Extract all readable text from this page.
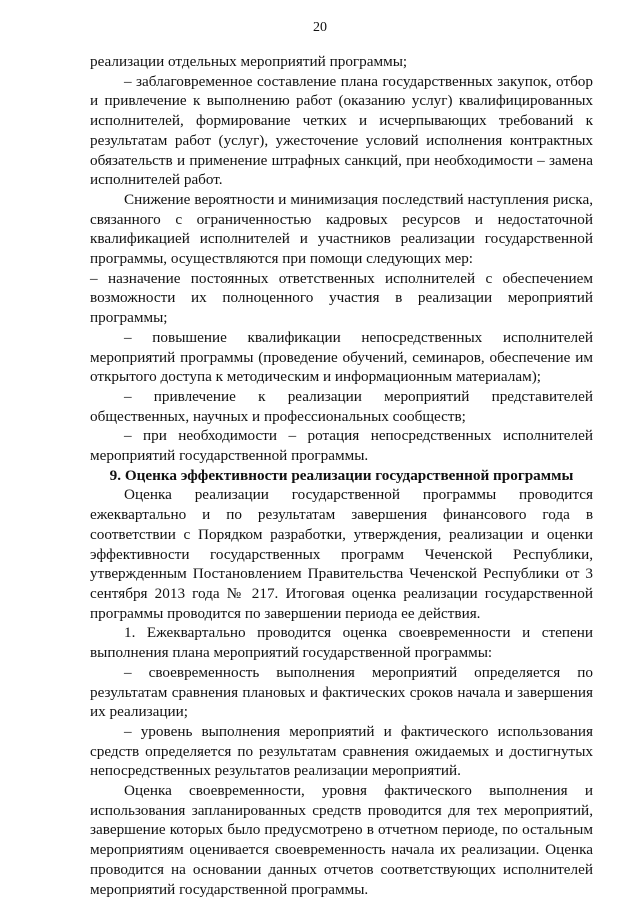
20

реализации отдельных мероприятий программы;

– заблаговременное составление плана государственных закупок, отбор и привлечение к выполнению работ (оказанию услуг) квалифицированных исполнителей, формирование четких и исчерпывающих требований к результатам работ (услуг), ужесточение условий исполнения контрактных обязательств и применение штрафных санкций, при необходимости – замена исполнителей работ.

Снижение вероятности и минимизация последствий наступления риска, связанного с ограниченностью кадровых ресурсов и недостаточной квалификацией исполнителей и участников реализации государственной программы, осуществляются при помощи следующих мер:

– назначение постоянных ответственных исполнителей с обеспечением возможности их полноценного участия в реализации мероприятий программы;

– повышение квалификации непосредственных исполнителей мероприятий программы (проведение обучений, семинаров, обеспечение им открытого доступа к методическим и информационным материалам);

– привлечение к реализации мероприятий представителей общественных, научных и профессиональных сообществ;

– при необходимости – ротация непосредственных исполнителей мероприятий государственной программы.

9. Оценка эффективности реализации государственной программы

Оценка реализации государственной программы проводится ежеквартально и по результатам завершения финансового года в соответствии с Порядком разработки, утверждения, реализации и оценки эффективности государственных программ Чеченской Республики, утвержденным Постановлением Правительства Чеченской Республики от 3 сентября 2013 года № 217. Итоговая оценка реализации государственной программы проводится по завершении периода ее действия.

1. Ежеквартально проводится оценка своевременности и степени выполнения плана мероприятий государственной программы:

– своевременность выполнения мероприятий определяется по результатам сравнения плановых и фактических сроков начала и завершения их реализации;

– уровень выполнения мероприятий и фактического использования средств определяется по результатам сравнения ожидаемых и достигнутых непосредственных результатов реализации мероприятий.

Оценка своевременности, уровня фактического выполнения и использования запланированных средств проводится для тех мероприятий, завершение которых было предусмотрено в отчетном периоде, по остальным мероприятиям оценивается своевременность начала их реализации. Оценка проводится на основании данных отчетов соответствующих исполнителей мероприятий государственной программы.
